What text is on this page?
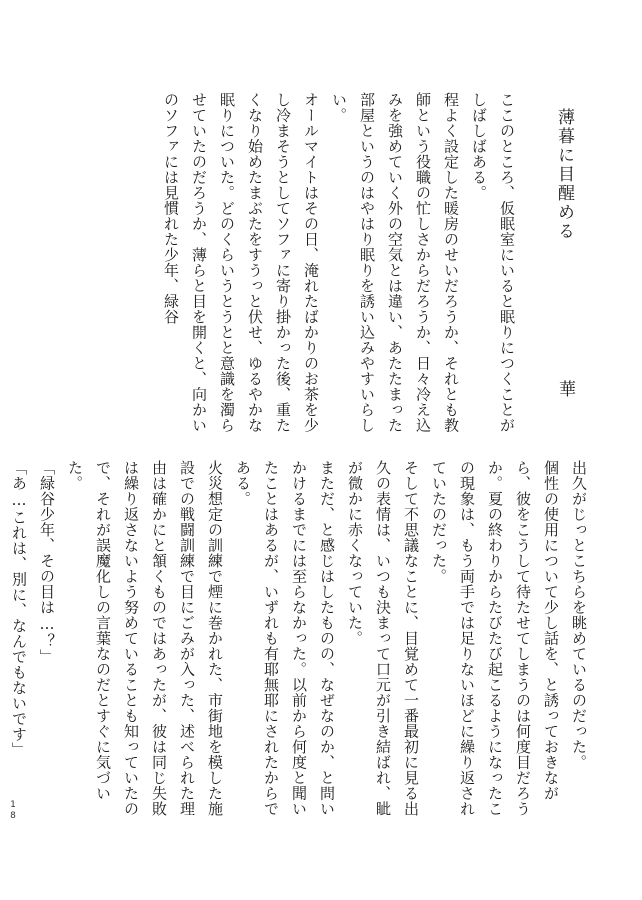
薄暮に目醒める
華
ここのところ、仮眠室にいると眠りにつくことがしばしばある。
程よく設定した暖房のせいだろうか、それとも教師という役職の忙しさからだろうか、日々冷え込みを強めていく外の空気とは違い、あたたまった部屋というのはやはり眠りを誘い込みやすいらしい。
オールマイトはその日、淹れたばかりのお茶を少し冷まそうとしてソファに寄り掛かった後、重たくなり始めたまぶたをすうっと伏せ、ゆるやかな眠りについた。どのくらいうとうとと意識を濁らせていたのだろうか、薄らと目を開くと、向かいのソファには見慣れた少年、緑谷
出久がじっとこちらを眺めているのだった。
個性の使用について少し話を、と誘っておきながら、彼をこうして待たせてしまうのは何度目だろうか。夏の終わりからたびたび起こるようになったこの現象は、もう両手では足りないほどに繰り返されていたのだった。
そして不思議なことに、目覚めて一番最初に見る出久の表情は、いつも決まって口元が引き結ばれ、眦が微かに赤くなっていた。
まただ、と感じはしたものの、なぜなのか、と問いかけるまでには至らなかった。以前から何度と聞いたことはあるが、いずれも有耶無耶にされたからである。
火災想定の訓練で煙に巻かれた、市街地を模した施設での戦闘訓練で目にごみが入った、述べられた理由は確かにと頷くものではあったが、彼は同じ失敗は繰り返さないよう努めていることも知っていたので、それが誤魔化しの言葉なのだとすぐに気づいた。
「緑谷少年、その目は…？」
「あ…これは、別に、なんでもないです」

18
